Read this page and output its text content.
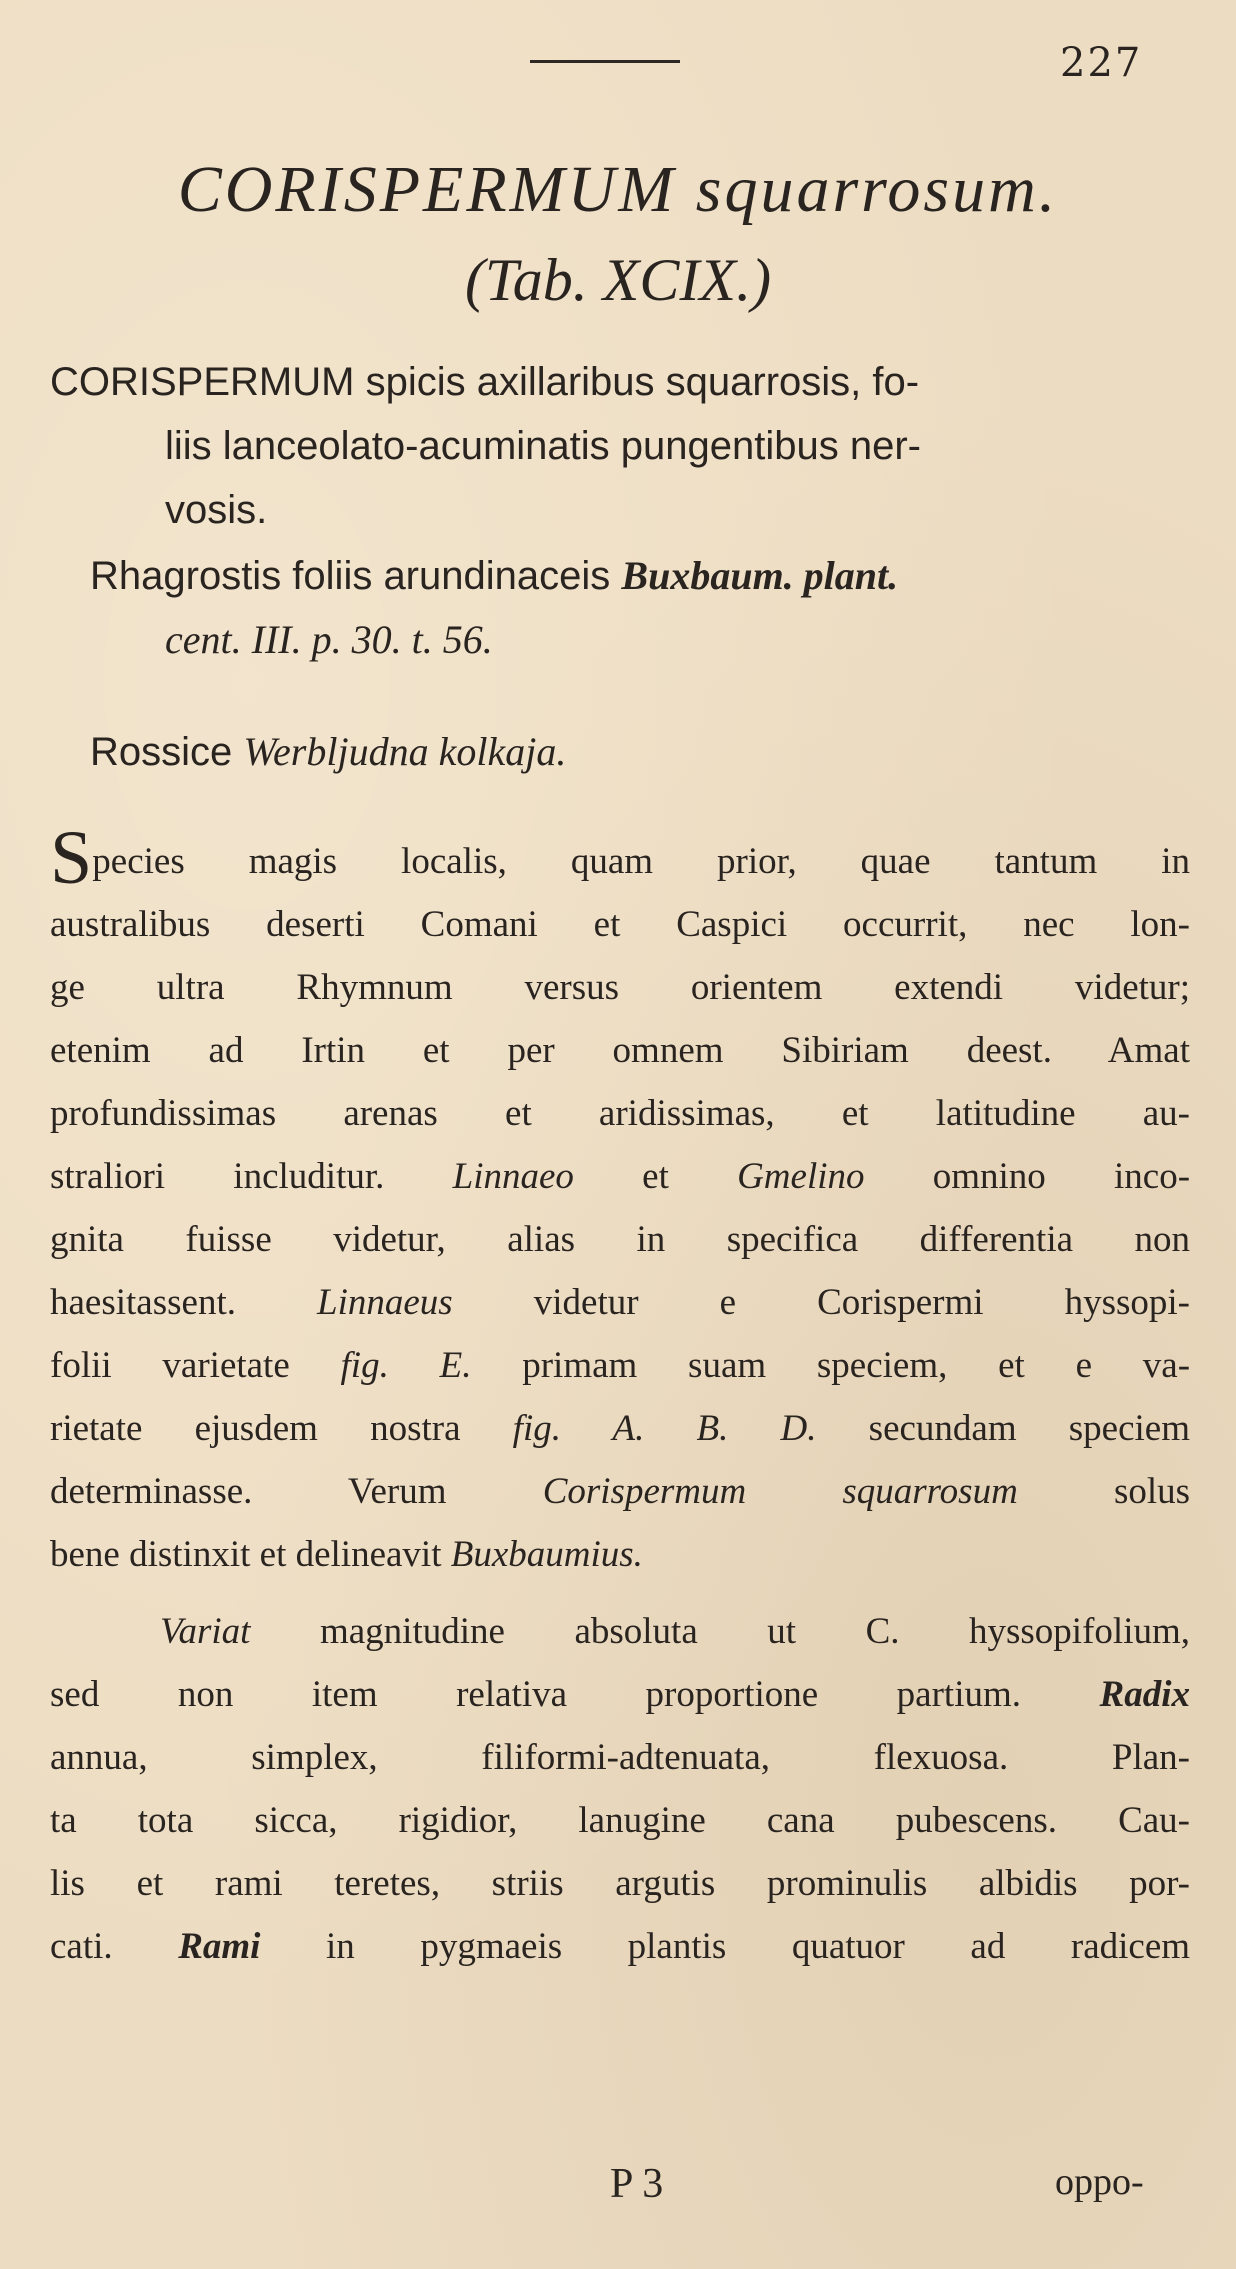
227
CORISPERMUM squarrosum.
(Tab. XCIX.)
CORISPERMUM spicis axillaribus squarrosis, fo-
liis lanceolato-acuminatis pungentibus ner-
vosis.
Rhagrostis foliis arundinaceis Buxbaum. plant.
cent. III. p. 30. t. 56.
Rossice Werbljudna kolkaja.
Species magis localis, quam prior, quae tantum in
australibus deserti Comani et Caspici occurrit, nec lon-
ge ultra Rhymnum versus orientem extendi videtur;
etenim ad Irtin et per omnem Sibiriam deest. Amat
profundissimas arenas et aridissimas, et latitudine au-
straliori includitur. Linnaeo et Gmelino omnino inco-
gnita fuisse videtur, alias in specifica differentia non
haesitassent. Linnaeus videtur e Corispermi hyssopi-
folii varietate fig. E. primam suam speciem, et e va-
rietate ejusdem nostra fig. A. B. D. secundam speciem
determinasse. Verum	Corispermum squarrosum	solus
bene distinxit et delineavit Buxbaumius.
Variat magnitudine absoluta ut C. hyssopifolium,
sed non item relativa proportione partium. Radix
annua, simplex, filiformi-adtenuata, flexuosa. Plan-
ta tota sicca, rigidior, lanugine cana pubescens. Cau-
lis et rami teretes, striis argutis prominulis albidis por-
cati. Rami in pygmaeis plantis quatuor ad radicem
P 3	oppo-
